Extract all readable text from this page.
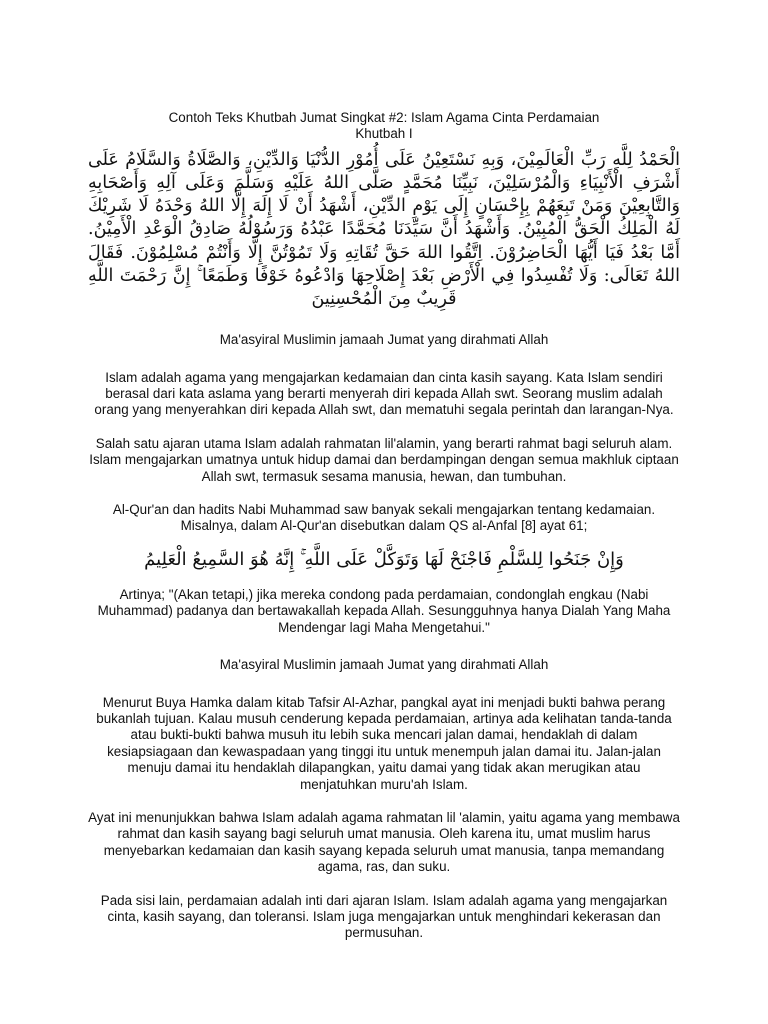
Contoh Teks Khutbah Jumat Singkat #2: Islam Agama Cinta Perdamaian

Khutbah I

الْحَمْدُ لِلَّهِ رَبِّ الْعَالَمِيْنَ، وَبِهِ نَسْتَعِيْنُ عَلَى أُمُوْرِ الدُّنْيَا وَالدِّيْنِ، وَالصَّلَاةُ وَالسَّلَامُ عَلَى أَشْرَفِ الْأَنْبِيَاءِ وَالْمُرْسَلِيْنَ، نَبِيِّنَا مُحَمَّدٍ صَلَّى اللهُ عَلَيْهِ وَسَلَّمَ وَعَلَى آلِهِ وَأَصْحَابِهِ وَالتَّابِعِيْنَ وَمَنْ تَبِعَهُمْ بِإِحْسَانٍ إِلَى يَوْمِ الدِّيْنِ، أَشْهَدُ أَنْ لَا إِلَهَ إِلَّا اللهُ وَحْدَهُ لَا شَرِيْكَ لَهُ الْمَلِكُ الْحَقُّ الْمُبِيْنُ. وَأَشْهَدُ أَنَّ سَيِّدَنَا مُحَمَّدًا عَبْدُهُ وَرَسُوْلُهُ صَادِقُ الْوَعْدِ الْأَمِيْنُ. أَمَّا بَعْدُ فَيَا أَيُّهَا الْحَاضِرُوْنَ. اِتَّقُوا اللهَ حَقَّ تُقَاتِهِ وَلَا تَمُوْتُنَّ إِلَّا وَأَنْتُمْ مُسْلِمُوْنَ. فَقَالَ اللهُ تَعَالَى: وَلَا تُفْسِدُوا فِي الْأَرْضِ بَعْدَ إِصْلَاحِهَا وَادْعُوهُ خَوْفًا وَطَمَعًا ۚ إِنَّ رَحْمَتَ اللَّهِ قَرِيبٌ مِنَ الْمُحْسِنِينَ

Ma'asyiral Muslimin jamaah Jumat yang dirahmati Allah

Islam adalah agama yang mengajarkan kedamaian dan cinta kasih sayang. Kata Islam sendiri berasal dari kata aslama yang berarti menyerah diri kepada Allah swt. Seorang muslim adalah orang yang menyerahkan diri kepada Allah swt, dan mematuhi segala perintah dan larangan-Nya.

Salah satu ajaran utama Islam adalah rahmatan lil'alamin, yang berarti rahmat bagi seluruh alam. Islam mengajarkan umatnya untuk hidup damai dan berdampingan dengan semua makhluk ciptaan Allah swt, termasuk sesama manusia, hewan, dan tumbuhan.

Al-Qur'an dan hadits Nabi Muhammad saw banyak sekali mengajarkan tentang kedamaian. Misalnya, dalam Al-Qur'an disebutkan dalam QS al-Anfal [8] ayat 61;

وَإِنْ جَنَحُوا لِلسَّلْمِ فَاجْنَحْ لَهَا وَتَوَكَّلْ عَلَى اللَّهِ ۚ إِنَّهُ هُوَ السَّمِيعُ الْعَلِيمُ

Artinya; "(Akan tetapi,) jika mereka condong pada perdamaian, condonglah engkau (Nabi Muhammad) padanya dan bertawakallah kepada Allah. Sesungguhnya hanya Dialah Yang Maha Mendengar lagi Maha Mengetahui."

Ma'asyiral Muslimin jamaah Jumat yang dirahmati Allah

Menurut Buya Hamka dalam kitab Tafsir Al-Azhar, pangkal ayat ini menjadi bukti bahwa perang bukanlah tujuan. Kalau musuh cenderung kepada perdamaian, artinya ada kelihatan tanda-tanda atau bukti-bukti bahwa musuh itu lebih suka mencari jalan damai, hendaklah di dalam kesiapsiagaan dan kewaspadaan yang tinggi itu untuk menempuh jalan damai itu. Jalan-jalan menuju damai itu hendaklah dilapangkan, yaitu damai yang tidak akan merugikan atau menjatuhkan muru'ah Islam.

Ayat ini menunjukkan bahwa Islam adalah agama rahmatan lil 'alamin, yaitu agama yang membawa rahmat dan kasih sayang bagi seluruh umat manusia. Oleh karena itu, umat muslim harus menyebarkan kedamaian dan kasih sayang kepada seluruh umat manusia, tanpa memandang agama, ras, dan suku.

Pada sisi lain, perdamaian adalah inti dari ajaran Islam. Islam adalah agama yang mengajarkan cinta, kasih sayang, dan toleransi. Islam juga mengajarkan untuk menghindari kekerasan dan permusuhan.
